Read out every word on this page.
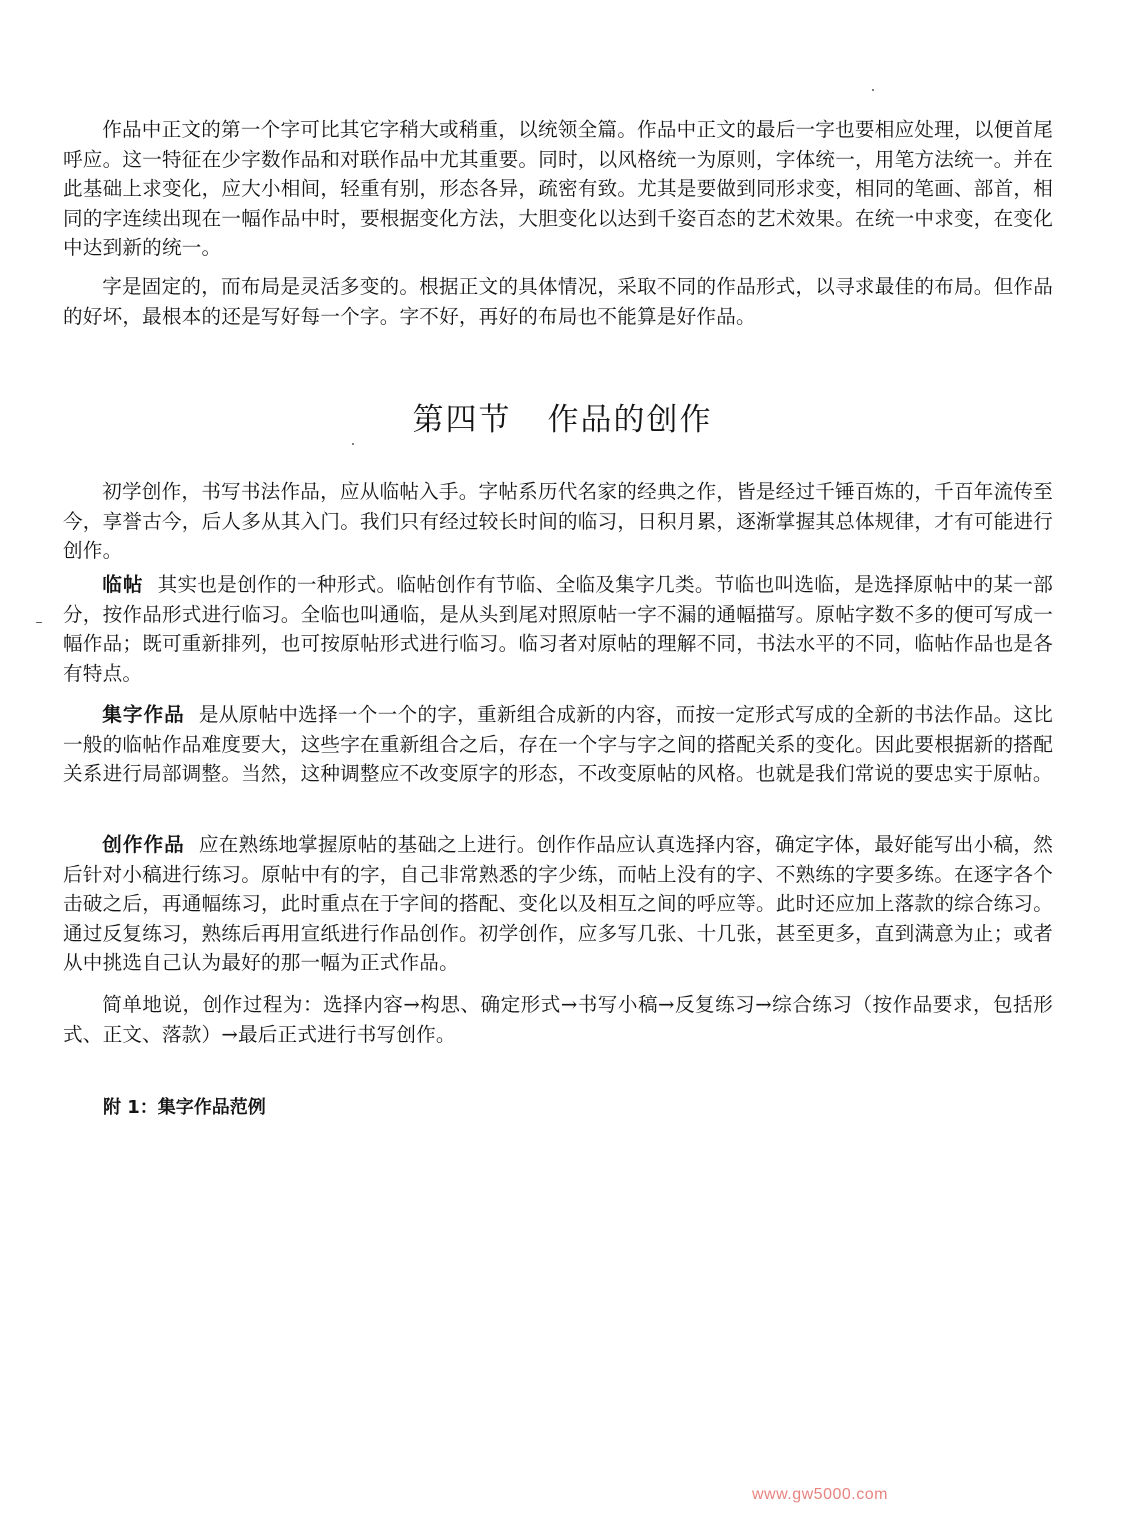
作品中正文的第一个字可比其它字稍大或稍重，以统领全篇。作品中正文的最后一字也要相应处理，以便首尾呼应。这一特征在少字数作品和对联作品中尤其重要。同时，以风格统一为原则，字体统一，用笔方法统一。并在此基础上求变化，应大小相间，轻重有别，形态各异，疏密有致。尤其是要做到同形求变，相同的笔画、部首，相同的字连续出现在一幅作品中时，要根据变化方法，大胆变化以达到千姿百态的艺术效果。在统一中求变，在变化中达到新的统一。

字是固定的，而布局是灵活多变的。根据正文的具体情况，采取不同的作品形式，以寻求最佳的布局。但作品的好坏，最根本的还是写好每一个字。字不好，再好的布局也不能算是好作品。

第四节 作品的创作

初学创作，书写书法作品，应从临帖入手。字帖系历代名家的经典之作，皆是经过千锤百炼的，千百年流传至今，享誉古今，后人多从其入门。我们只有经过较长时间的临习，日积月累，逐渐掌握其总体规律，才有可能进行创作。

临帖 其实也是创作的一种形式。临帖创作有节临、全临及集字几类。节临也叫选临，是选择原帖中的某一部分，按作品形式进行临习。全临也叫通临，是从头到尾对照原帖一字不漏的通幅描写。原帖字数不多的便可写成一幅作品；既可重新排列，也可按原帖形式进行临习。临习者对原帖的理解不同，书法水平的不同，临帖作品也是各有特点。

集字作品 是从原帖中选择一个一个的字，重新组合成新的内容，而按一定形式写成的全新的书法作品。这比一般的临帖作品难度要大，这些字在重新组合之后，存在一个字与字之间的搭配关系的变化。因此要根据新的搭配关系进行局部调整。当然，这种调整应不改变原字的形态，不改变原帖的风格。也就是我们常说的要忠实于原帖。

创作作品 应在熟练地掌握原帖的基础之上进行。创作作品应认真选择内容，确定字体，最好能写出小稿，然后针对小稿进行练习。原帖中有的字，自己非常熟悉的字少练，而帖上没有的字、不熟练的字要多练。在逐字各个击破之后，再通幅练习，此时重点在于字间的搭配、变化以及相互之间的呼应等。此时还应加上落款的综合练习。通过反复练习，熟练后再用宣纸进行作品创作。初学创作，应多写几张、十几张，甚至更多，直到满意为止；或者从中挑选自己认为最好的那一幅为正式作品。

简单地说，创作过程为：选择内容→构思、确定形式→书写小稿→反复练习→综合练习（按作品要求，包括形式、正文、落款）→最后正式进行书写创作。

附 1：集字作品范例

www.gw5000.com
